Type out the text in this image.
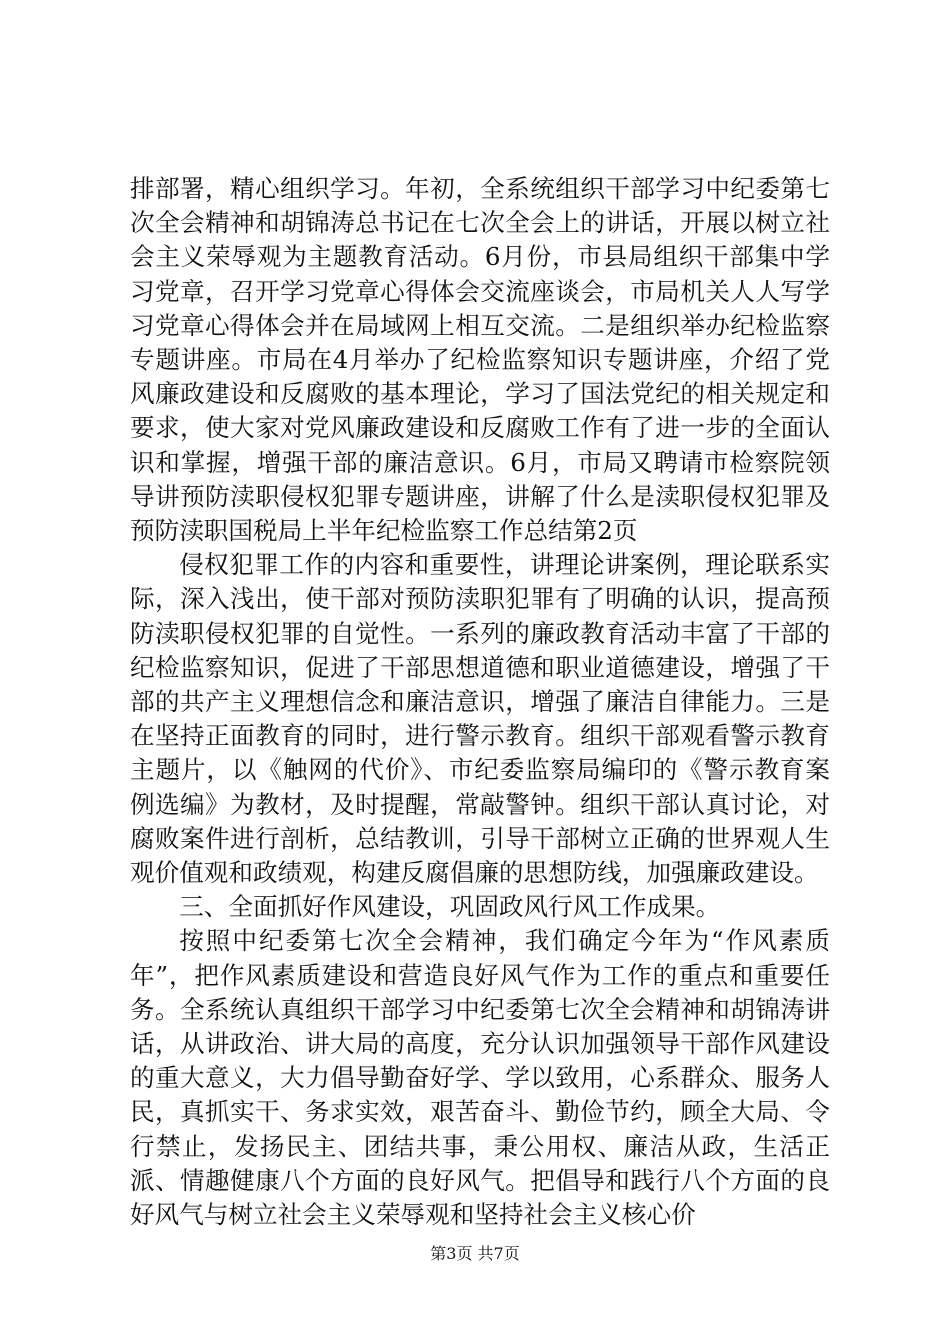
排部署，精心组织学习。年初，全系统组织干部学习中纪委第七次全会精神和胡锦涛总书记在七次全会上的讲话，开展以树立社会主义荣辱观为主题教育活动。6月份，市县局组织干部集中学习党章，召开学习党章心得体会交流座谈会，市局机关人人写学习党章心得体会并在局域网上相互交流。二是组织举办纪检监察专题讲座。市局在4月举办了纪检监察知识专题讲座，介绍了党风廉政建设和反腐败的基本理论，学习了国法党纪的相关规定和要求，使大家对党风廉政建设和反腐败工作有了进一步的全面认识和掌握，增强干部的廉洁意识。6月，市局又聘请市检察院领导讲预防渎职侵权犯罪专题讲座，讲解了什么是渎职侵权犯罪及预防渎职国税局上半年纪检监察工作总结第2页

侵权犯罪工作的内容和重要性，讲理论讲案例，理论联系实际，深入浅出，使干部对预防渎职犯罪有了明确的认识，提高预防渎职侵权犯罪的自觉性。一系列的廉政教育活动丰富了干部的纪检监察知识，促进了干部思想道德和职业道德建设，增强了干部的共产主义理想信念和廉洁意识，增强了廉洁自律能力。三是在坚持正面教育的同时，进行警示教育。组织干部观看警示教育主题片，以《触网的代价》、市纪委监察局编印的《警示教育案例选编》为教材，及时提醒，常敲警钟。组织干部认真讨论，对腐败案件进行剖析，总结教训，引导干部树立正确的世界观人生观价值观和政绩观，构建反腐倡廉的思想防线，加强廉政建设。

三、全面抓好作风建设，巩固政风行风工作成果。

按照中纪委第七次全会精神，我们确定今年为“作风素质年”，把作风素质建设和营造良好风气作为工作的重点和重要任务。全系统认真组织干部学习中纪委第七次全会精神和胡锦涛讲话，从讲政治、讲大局的高度，充分认识加强领导干部作风建设的重大意义，大力倡导勤奋好学、学以致用，心系群众、服务人民，真抓实干、务求实效，艰苦奋斗、勤俭节约，顾全大局、令行禁止，发扬民主、团结共事，秉公用权、廉洁从政，生活正派、情趣健康八个方面的良好风气。把倡导和践行八个方面的良好风气与树立社会主义荣辱观和坚持社会主义核心价

第3页 共7页
